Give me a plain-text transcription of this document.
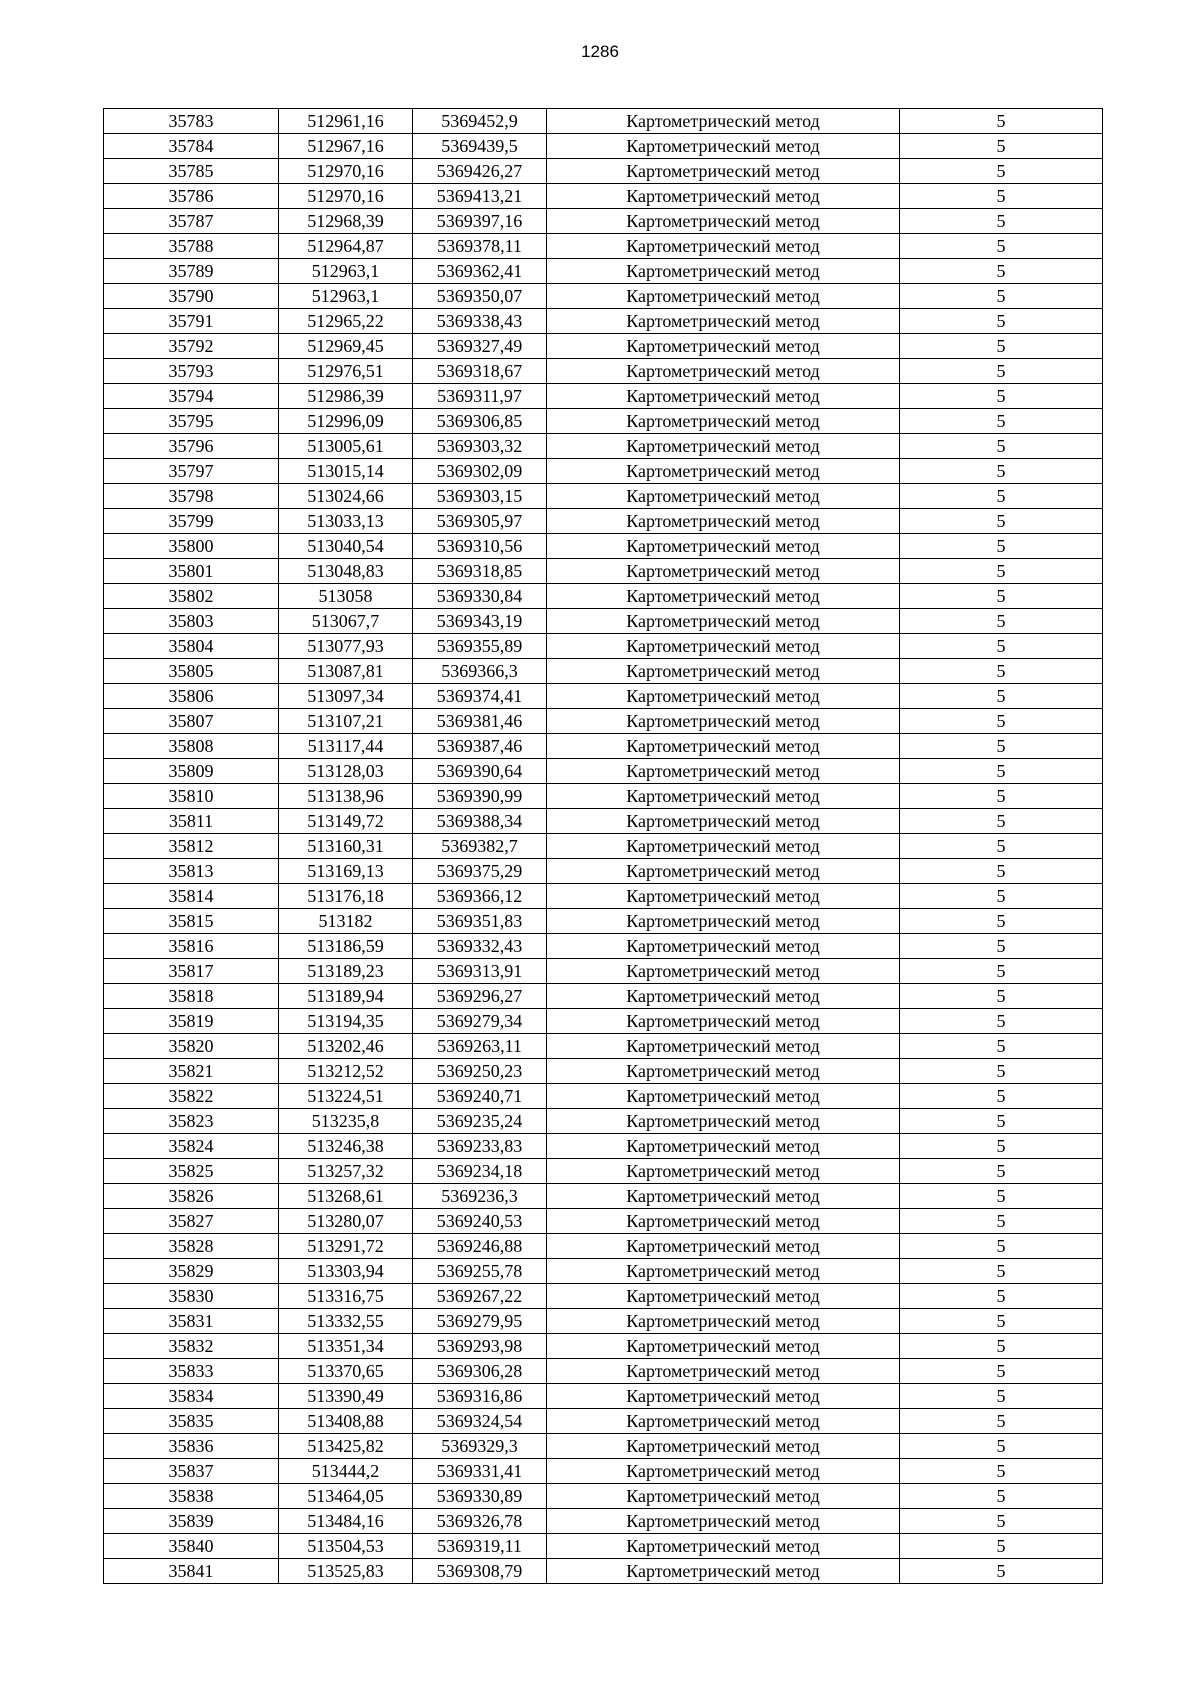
1286
35783	512961,16	5369452,9	Картометрический метод	5
35784	512967,16	5369439,5	Картометрический метод	5
35785	512970,16	5369426,27	Картометрический метод	5
35786	512970,16	5369413,21	Картометрический метод	5
35787	512968,39	5369397,16	Картометрический метод	5
35788	512964,87	5369378,11	Картометрический метод	5
35789	512963,1	5369362,41	Картометрический метод	5
35790	512963,1	5369350,07	Картометрический метод	5
35791	512965,22	5369338,43	Картометрический метод	5
35792	512969,45	5369327,49	Картометрический метод	5
35793	512976,51	5369318,67	Картометрический метод	5
35794	512986,39	5369311,97	Картометрический метод	5
35795	512996,09	5369306,85	Картометрический метод	5
35796	513005,61	5369303,32	Картометрический метод	5
35797	513015,14	5369302,09	Картометрический метод	5
35798	513024,66	5369303,15	Картометрический метод	5
35799	513033,13	5369305,97	Картометрический метод	5
35800	513040,54	5369310,56	Картометрический метод	5
35801	513048,83	5369318,85	Картометрический метод	5
35802	513058	5369330,84	Картометрический метод	5
35803	513067,7	5369343,19	Картометрический метод	5
35804	513077,93	5369355,89	Картометрический метод	5
35805	513087,81	5369366,3	Картометрический метод	5
35806	513097,34	5369374,41	Картометрический метод	5
35807	513107,21	5369381,46	Картометрический метод	5
35808	513117,44	5369387,46	Картометрический метод	5
35809	513128,03	5369390,64	Картометрический метод	5
35810	513138,96	5369390,99	Картометрический метод	5
35811	513149,72	5369388,34	Картометрический метод	5
35812	513160,31	5369382,7	Картометрический метод	5
35813	513169,13	5369375,29	Картометрический метод	5
35814	513176,18	5369366,12	Картометрический метод	5
35815	513182	5369351,83	Картометрический метод	5
35816	513186,59	5369332,43	Картометрический метод	5
35817	513189,23	5369313,91	Картометрический метод	5
35818	513189,94	5369296,27	Картометрический метод	5
35819	513194,35	5369279,34	Картометрический метод	5
35820	513202,46	5369263,11	Картометрический метод	5
35821	513212,52	5369250,23	Картометрический метод	5
35822	513224,51	5369240,71	Картометрический метод	5
35823	513235,8	5369235,24	Картометрический метод	5
35824	513246,38	5369233,83	Картометрический метод	5
35825	513257,32	5369234,18	Картометрический метод	5
35826	513268,61	5369236,3	Картометрический метод	5
35827	513280,07	5369240,53	Картометрический метод	5
35828	513291,72	5369246,88	Картометрический метод	5
35829	513303,94	5369255,78	Картометрический метод	5
35830	513316,75	5369267,22	Картометрический метод	5
35831	513332,55	5369279,95	Картометрический метод	5
35832	513351,34	5369293,98	Картометрический метод	5
35833	513370,65	5369306,28	Картометрический метод	5
35834	513390,49	5369316,86	Картометрический метод	5
35835	513408,88	5369324,54	Картометрический метод	5
35836	513425,82	5369329,3	Картометрический метод	5
35837	513444,2	5369331,41	Картометрический метод	5
35838	513464,05	5369330,89	Картометрический метод	5
35839	513484,16	5369326,78	Картометрический метод	5
35840	513504,53	5369319,11	Картометрический метод	5
35841	513525,83	5369308,79	Картометрический метод	5
